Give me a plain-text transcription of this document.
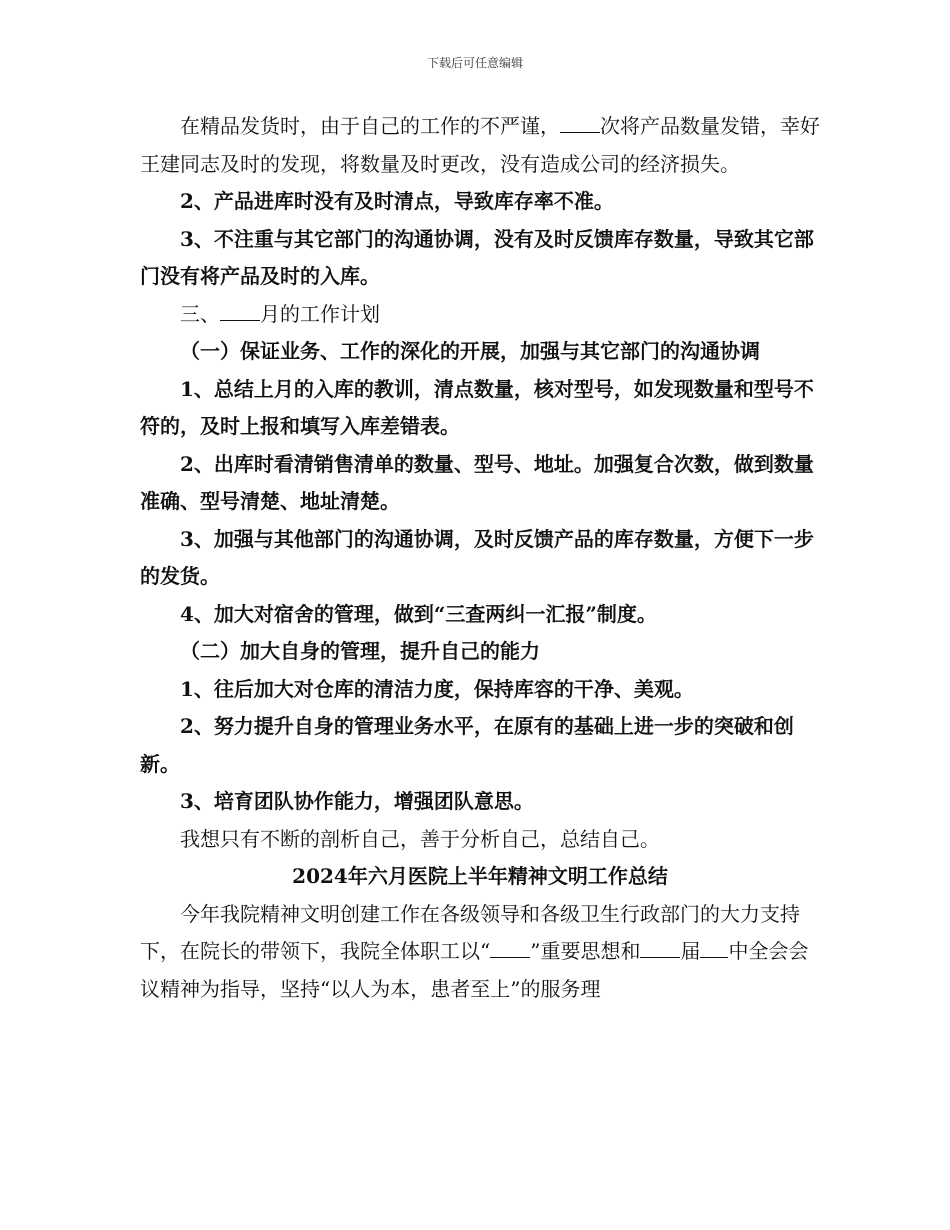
下载后可任意编辑

在精品发货时，由于自己的工作的不严谨， 次将产品数量发错，幸好王建同志及时的发现，将数量及时更改，没有造成公司的经济损失。

2、产品进库时没有及时清点，导致库存率不准。

3、不注重与其它部门的沟通协调，没有及时反馈库存数量，导致其它部门没有将产品及时的入库。

三、 月的工作计划

（一）保证业务、工作的深化的开展，加强与其它部门的沟通协调

1、总结上月的入库的教训，清点数量，核对型号，如发现数量和型号不符的，及时上报和填写入库差错表。

2、出库时看清销售清单的数量、型号、地址。加强复合次数，做到数量准确、型号清楚、地址清楚。

3、加强与其他部门的沟通协调，及时反馈产品的库存数量，方便下一步的发货。

4、加大对宿舍的管理，做到“三查两纠一汇报”制度。

（二）加大自身的管理，提升自己的能力

1、往后加大对仓库的清洁力度，保持库容的干净、美观。

2、努力提升自身的管理业务水平，在原有的基础上进一步的突破和创新。

3、培育团队协作能力，增强团队意思。

我想只有不断的剖析自己，善于分析自己，总结自己。

2024年六月医院上半年精神文明工作总结

今年我院精神文明创建工作在各级领导和各级卫生行政部门的大力支持下，在院长的带领下，我院全体职工以“ ”重要思想和 届 中全会会议精神为指导，坚持“以人为本，患者至上”的服务理
